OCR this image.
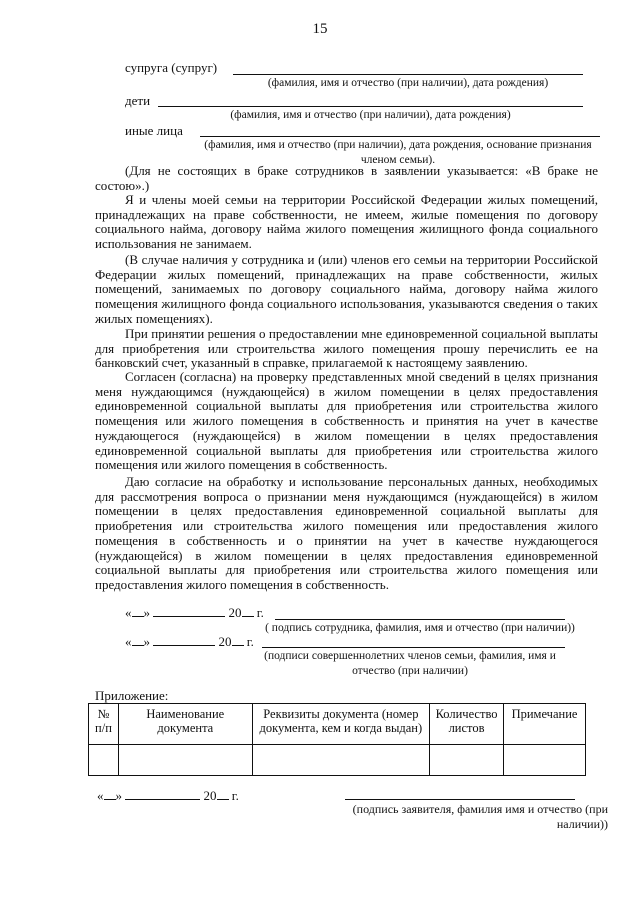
15
супруга (супруг)
(фамилия, имя и отчество (при наличии), дата рождения)
дети
(фамилия, имя и отчество (при наличии), дата рождения)
иные лица
(фамилия, имя и отчество (при наличии), дата рождения, основание признания членом семьи).
(Для не состоящих в браке сотрудников в заявлении указывается: «В браке не состою».)
Я и члены моей семьи на территории Российской Федерации жилых помещений, принадлежащих на праве собственности, не имеем, жилые помещения по договору социального найма, договору найма жилого помещения жилищного фонда социального использования не занимаем.
(В случае наличия у сотрудника и (или) членов его семьи на территории Российской Федерации жилых помещений, принадлежащих на праве собственности, жилых помещений, занимаемых по договору социального найма, договору найма жилого помещения жилищного фонда социального использования, указываются сведения о таких жилых помещениях).
При принятии решения о предоставлении мне единовременной социальной выплаты для приобретения или строительства жилого помещения прошу перечислить ее на банковский счет, указанный в справке, прилагаемой к настоящему заявлению.
Согласен (согласна) на проверку представленных мной сведений в целях признания меня нуждающимся (нуждающейся) в жилом помещении в целях предоставления единовременной социальной выплаты для приобретения или строительства жилого помещения или жилого помещения в собственность и принятия на учет в качестве нуждающегося (нуждающейся) в жилом помещении в целях предоставления единовременной социальной выплаты для приобретения или строительства жилого помещения или жилого помещения в собственность.
Даю согласие на обработку и использование персональных данных, необходимых для рассмотрения вопроса о признании меня нуждающимся (нуждающейся) в жилом помещении в целях предоставления единовременной социальной выплаты для приобретения или строительства жилого помещения или предоставления жилого помещения в собственность и о принятии на учет в качестве нуждающегося (нуждающейся) в жилом помещении в целях предоставления единовременной социальной выплаты для приобретения или строительства жилого помещения или предоставления жилого помещения в собственность.
« »	20 г.
( подпись сотрудника, фамилия, имя и отчество (при наличии))
« »	20 г.
(подписи совершеннолетних членов семьи, фамилия, имя и отчество (при наличии)
Приложение:
№ п/п	Наименование документа	Реквизиты документа (номер документа, кем и когда выдан)	Количество листов	Примечание

« »	20 г.
(подпись заявителя, фамилия имя и отчество (при наличии))
